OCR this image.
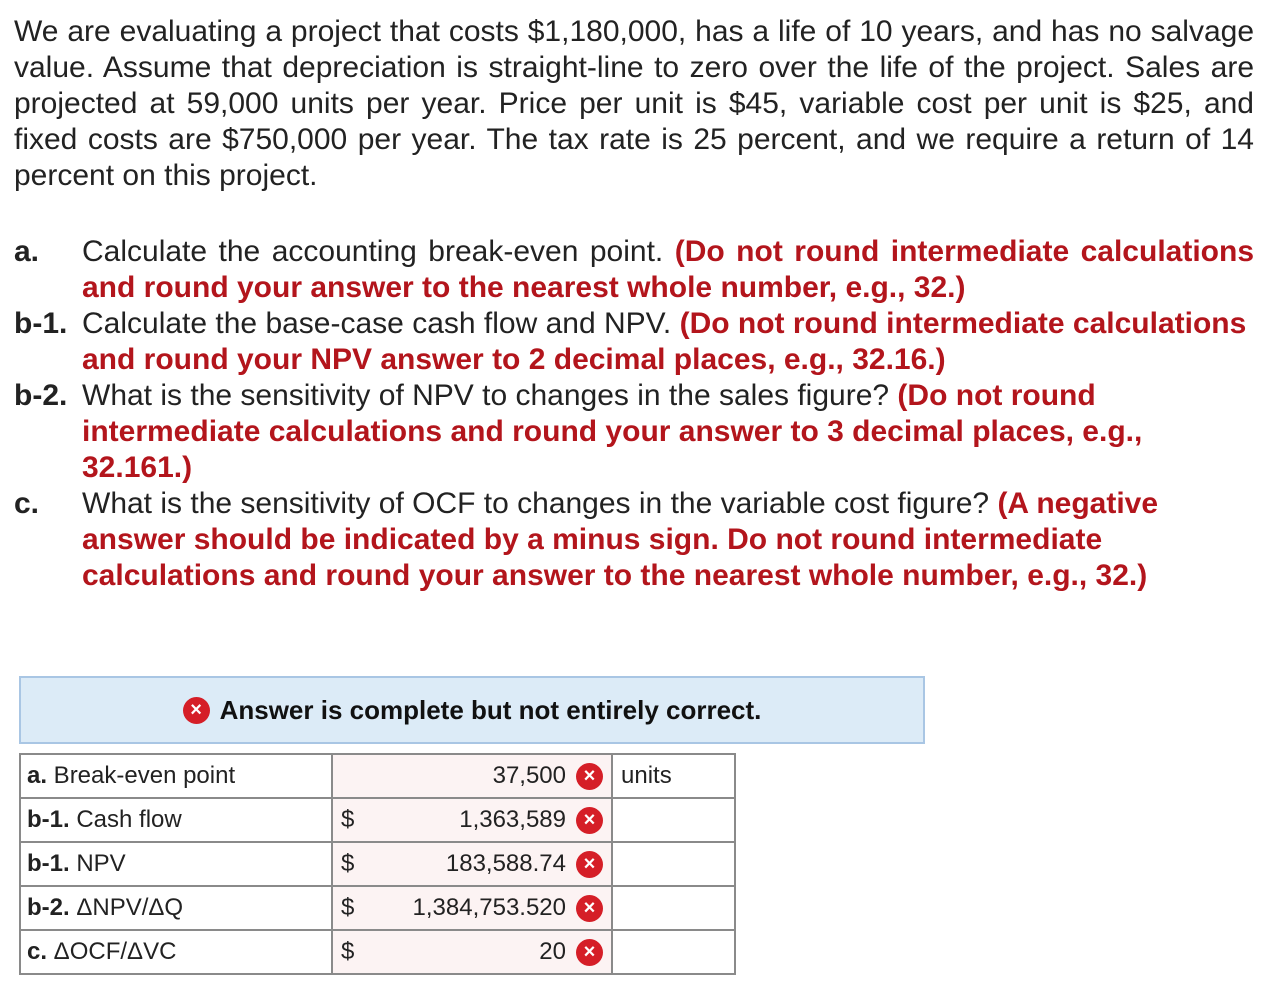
We are evaluating a project that costs $1,180,000, has a life of 10 years, and has no salvage value. Assume that depreciation is straight-line to zero over the life of the project. Sales are projected at 59,000 units per year. Price per unit is $45, variable cost per unit is $25, and fixed costs are $750,000 per year. The tax rate is 25 percent, and we require a return of 14 percent on this project.

a.	Calculate the accounting break-even point. (Do not round intermediate calculations and round your answer to the nearest whole number, e.g., 32.)
b-1. Calculate the base-case cash flow and NPV. (Do not round intermediate calculations and round your NPV answer to 2 decimal places, e.g., 32.16.)
b-2. What is the sensitivity of NPV to changes in the sales figure? (Do not round intermediate calculations and round your answer to 3 decimal places, e.g., 32.161.)
c.	What is the sensitivity of OCF to changes in the variable cost figure? (A negative answer should be indicated by a minus sign. Do not round intermediate calculations and round your answer to the nearest whole number, e.g., 32.)
× Answer is complete but not entirely correct.
a. Break-even point	37,500 ×	units
b-1. Cash flow	$ 1,363,589 ×	

b-1. NPV	$ 183,588.74 ×	

b-2. ΔNPV/ΔQ	$ 1,384,753.520 ×	

c. ΔOCF/ΔVC	$ 20 ×	
